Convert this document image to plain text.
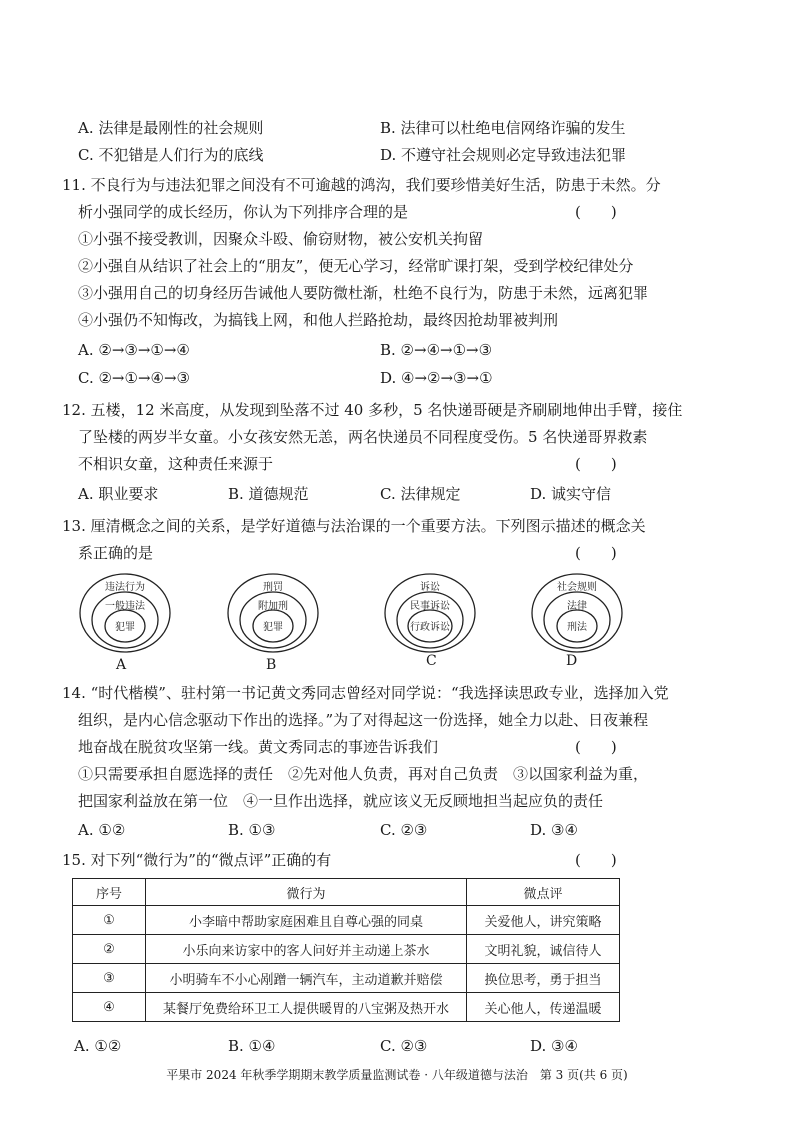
A. 法律是最刚性的社会规则	B. 法律可以杜绝电信网络诈骗的发生
C. 不犯错是人们行为的底线	D. 不遵守社会规则必定导致违法犯罪
11. 不良行为与违法犯罪之间没有不可逾越的鸿沟，我们要珍惜美好生活，防患于未然。分
析小强同学的成长经历，你认为下列排序合理的是	(　　)
①小强不接受教训，因聚众斗殴、偷窃财物，被公安机关拘留
②小强自从结识了社会上的“朋友”，便无心学习，经常旷课打架，受到学校纪律处分
③小强用自己的切身经历告诫他人要防微杜渐，杜绝不良行为，防患于未然，远离犯罪
④小强仍不知悔改，为搞钱上网，和他人拦路抢劫，最终因抢劫罪被判刑
A. ②→③→①→④	B. ②→④→①→③
C. ②→①→④→③	D. ④→②→③→①
12. 五楼，12 米高度，从发现到坠落不过 40 多秒，5 名快递哥硬是齐刷刷地伸出手臂，接住
了坠楼的两岁半女童。小女孩安然无恙，两名快递员不同程度受伤。5 名快递哥界救素
不相识女童，这种责任来源于	(　　)
A. 职业要求	B. 道德规范	C. 法律规定	D. 诚实守信
13. 厘清概念之间的关系，是学好道德与法治课的一个重要方法。下列图示描述的概念关
系正确的是	(　　)
违法行为
一般违法
犯罪
A
刑罚
附加刑
犯罪
B
诉讼
民事诉讼
行政诉讼
C
社会规则
法律
刑法
D
14. “时代楷模”、驻村第一书记黄文秀同志曾经对同学说：“我选择读思政专业，选择加入党
组织，是内心信念驱动下作出的选择。”为了对得起这一份选择，她全力以赴、日夜兼程
地奋战在脱贫攻坚第一线。黄文秀同志的事迹告诉我们	(　　)
①只需要承担自愿选择的责任　②先对他人负责，再对自己负责　③以国家利益为重，
把国家利益放在第一位　④一旦作出选择，就应该义无反顾地担当起应负的责任
A. ①②	B. ①③	C. ②③	D. ③④
15. 对下列“微行为”的“微点评”正确的有	(　　)
序号	微行为	微点评
①	小李暗中帮助家庭困难且自尊心强的同桌	关爱他人，讲究策略
②	小乐向来访家中的客人问好并主动递上茶水	文明礼貌，诚信待人
③	小明骑车不小心剐蹭一辆汽车，主动道歉并赔偿	换位思考，勇于担当
④	某餐厅免费给环卫工人提供暖胃的八宝粥及热开水	关心他人，传递温暖
A. ①②	B. ①④	C. ②③	D. ③④
平果市 2024 年秋季学期期末教学质量监测试卷 · 八年级道德与法治　第 3 页(共 6 页)
